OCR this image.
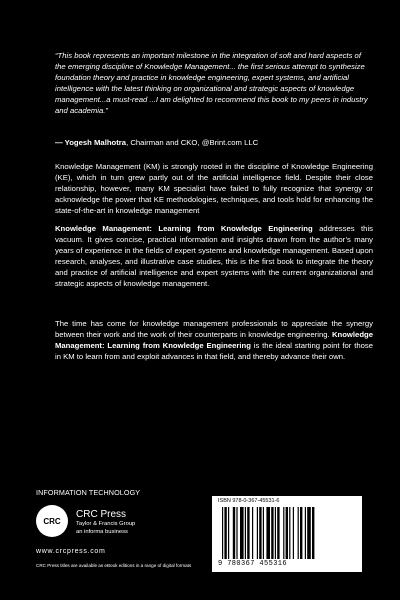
“This book represents an important milestone in the integration of soft and hard aspects of the emerging discipline of Knowledge Management... the first serious attempt to synthesize foundation theory and practice in knowledge engineering, expert systems, and artificial intelligence with the latest thinking on organizational and strategic aspects of knowledge management...a must-read ...I am delighted to recommend this book to my peers in industry and academia.”
— Yogesh Malhotra, Chairman and CKO, @Brint.com LLC
Knowledge Management (KM) is strongly rooted in the discipline of Knowledge Engineering (KE), which in turn grew partly out of the artificial intelligence field. Despite their close relationship, however, many KM specialist have failed to fully recognize that synergy or acknowledge the power that KE methodologies, techniques, and tools hold for enhancing the state-of-the-art in knowledge management
Knowledge Management: Learning from Knowledge Engineering addresses this vacuum. It gives concise, practical information and insights drawn from the author’s many years of experience in the fields of expert systems and knowledge management. Based upon research, analyses, and illustrative case studies, this is the first book to integrate the theory and practice of artificial intelligence and expert systems with the current organizational and strategic aspects of knowledge management.
The time has come for knowledge management professionals to appreciate the synergy between their work and the work of their counterparts in knowledge engineering. Knowledge Management: Learning from Knowledge Engineering is the ideal starting point for those in KM to learn from and exploit advances in that field, and thereby advance their own.
INFORMATION TECHNOLOGY
CRC
CRC Press
Taylor & Francis Group
an informa business
www.crcpress.com
CRC Press titles are available as eBook editions in a range of digital formats
ISBN 978-0-367-45531-6
9 780367 455316
